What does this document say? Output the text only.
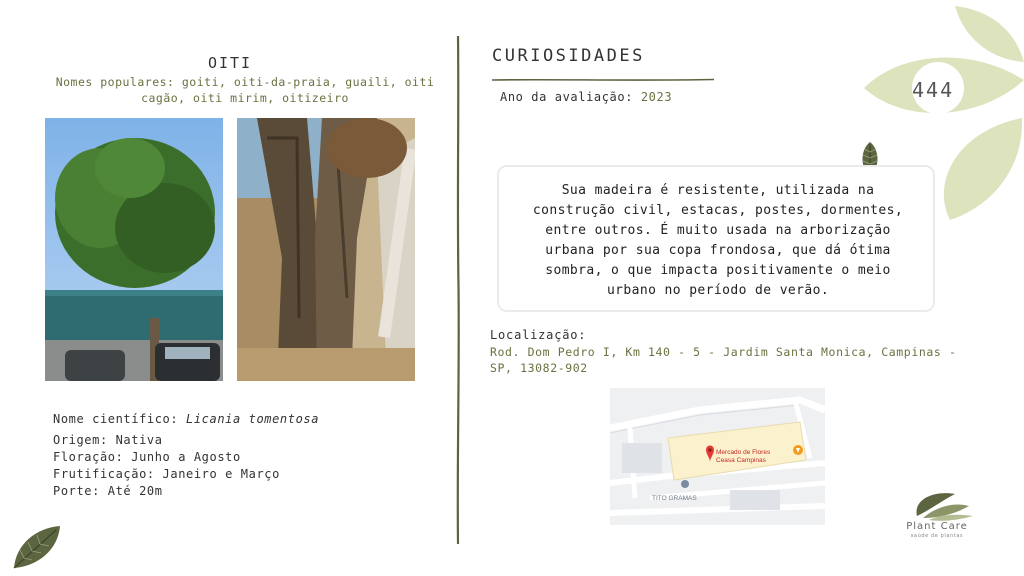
OITI
Nomes populares: goiti, oiti-da-praia, guaili, oiti cagão, oiti mirim, oitizeiro
Nome científico: Licania tomentosa
Origem: Nativa
Floração: Junho a Agosto
Frutificação: Janeiro e Março
Porte: Até 20m
CURIOSIDADES
Ano da avaliação: 2023
Sua madeira é resistente, utilizada na construção civil, estacas, postes, dormentes, entre outros. É muito usada na arborização urbana por sua copa frondosa, que dá ótima sombra, o que impacta positivamente o meio urbano no período de verão.
Localização:
Rod. Dom Pedro I, Km 140 - 5 - Jardim Santa Monica, Campinas - SP, 13082-902
Mercado de Flores Ceasa Campinas
TITO GRAMAS
444
Plant Care
saúde de plantas
